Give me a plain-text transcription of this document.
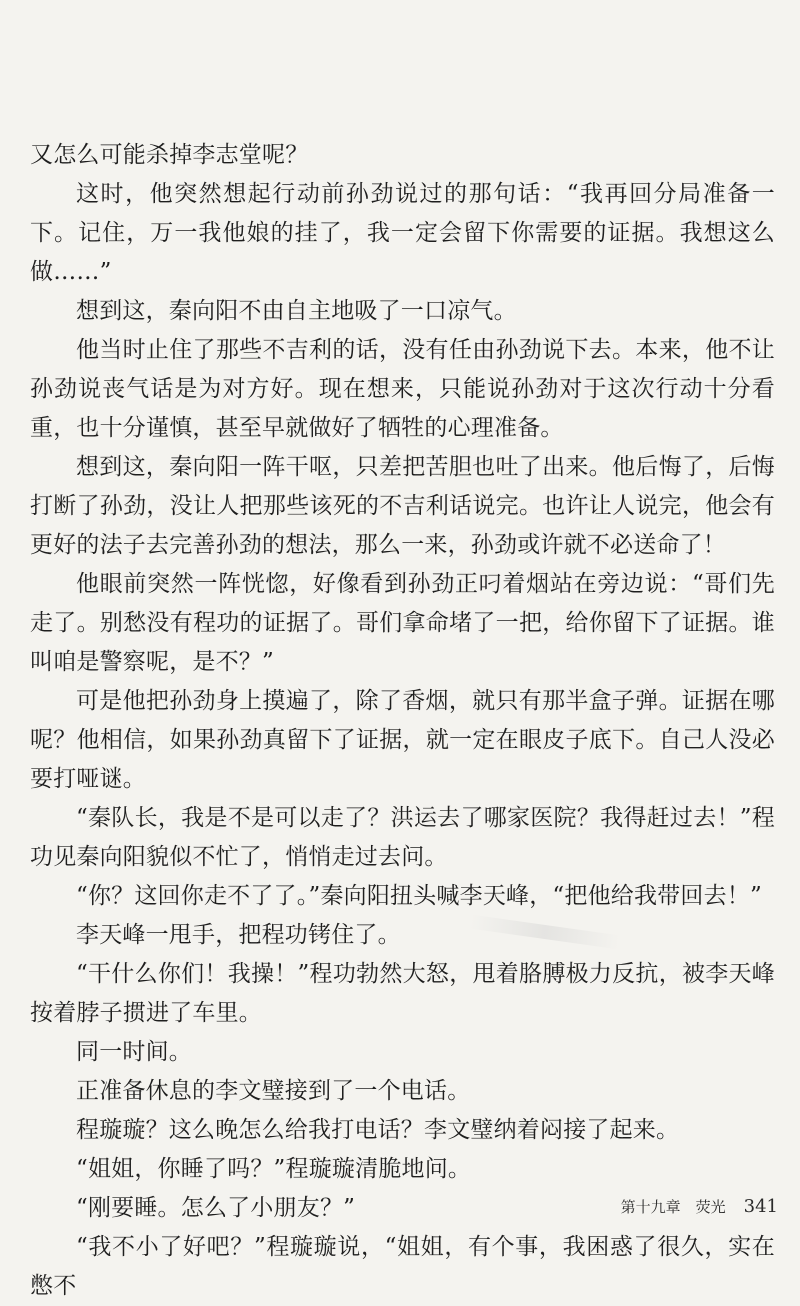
又怎么可能杀掉李志堂呢？

这时，他突然想起行动前孙劲说过的那句话：“我再回分局准备一下。记住，万一我他娘的挂了，我一定会留下你需要的证据。我想这么做……”

想到这，秦向阳不由自主地吸了一口凉气。

他当时止住了那些不吉利的话，没有任由孙劲说下去。本来，他不让孙劲说丧气话是为对方好。现在想来，只能说孙劲对于这次行动十分看重，也十分谨慎，甚至早就做好了牺牲的心理准备。

想到这，秦向阳一阵干呕，只差把苦胆也吐了出来。他后悔了，后悔打断了孙劲，没让人把那些该死的不吉利话说完。也许让人说完，他会有更好的法子去完善孙劲的想法，那么一来，孙劲或许就不必送命了！

他眼前突然一阵恍惚，好像看到孙劲正叼着烟站在旁边说：“哥们先走了。别愁没有程功的证据了。哥们拿命堵了一把，给你留下了证据。谁叫咱是警察呢，是不？”

可是他把孙劲身上摸遍了，除了香烟，就只有那半盒子弹。证据在哪呢？他相信，如果孙劲真留下了证据，就一定在眼皮子底下。自己人没必要打哑谜。

“秦队长，我是不是可以走了？洪运去了哪家医院？我得赶过去！”程功见秦向阳貌似不忙了，悄悄走过去问。

“你？这回你走不了了。”秦向阳扭头喊李天峰，“把他给我带回去！”

李天峰一甩手，把程功铐住了。

“干什么你们！我操！”程功勃然大怒，甩着胳膊极力反抗，被李天峰按着脖子掼进了车里。

同一时间。

正准备休息的李文璧接到了一个电话。

程璇璇？这么晚怎么给我打电话？李文璧纳着闷接了起来。

“姐姐，你睡了吗？”程璇璇清脆地问。

“刚要睡。怎么了小朋友？”

“我不小了好吧？”程璇璇说，“姐姐，有个事，我困惑了很久，实在憋不

第十九章　荧光 341
